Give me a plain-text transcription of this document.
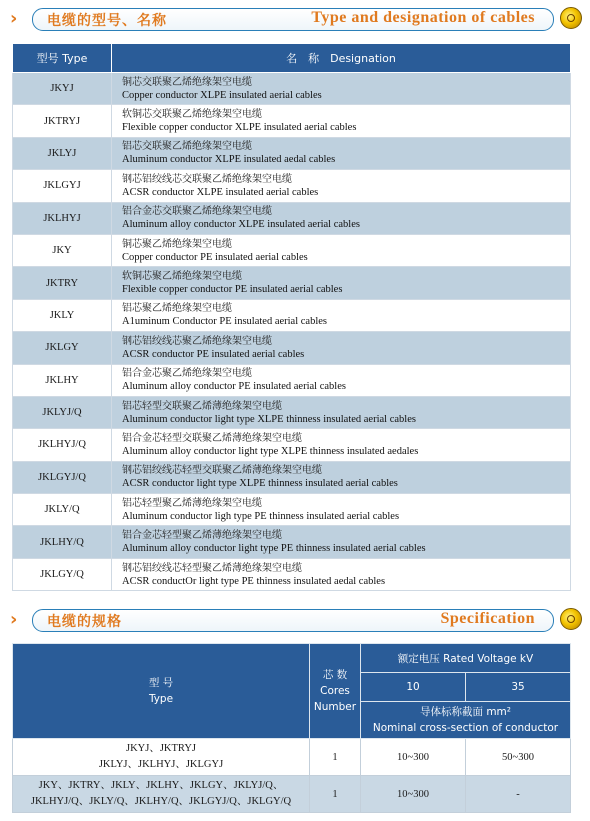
›	电缆的型号、名称	Type and designation of cables
型号 Type	名　称　Designation
JKYJ	铜芯交联聚乙烯绝缘架空电缆
Copper conductor XLPE insulated aerial cables

JKTRYJ	软铜芯交联聚乙烯绝缘架空电缆
Flexible copper conductor XLPE insulated aerial cables

JKLYJ	铝芯交联聚乙烯绝缘架空电缆
Aluminum conductor XLPE insulated aedal cables

JKLGYJ	钢芯铝绞线芯交联聚乙烯绝缘架空电缆
ACSR conductor XLPE insulated aerial cables

JKLHYJ	铝合金芯交联聚乙烯绝缘架空电缆
Aluminum alloy conductor XLPE insulated aerial cables

JKY	铜芯聚乙烯绝缘架空电缆
Copper conductor PE insulated aerial cables

JKTRY	软铜芯聚乙烯绝缘架空电缆
Flexible copper conductor PE insulated aerial cables

JKLY	铝芯聚乙烯绝缘架空电缆
A1uminum Conductor PE insulated aerial cables

JKLGY	钢芯铝绞线芯聚乙烯绝缘架空电缆
ACSR conductor PE insulated aerial cables

JKLHY	铝合金芯聚乙烯绝缘架空电缆
Aluminum alloy conductor PE insulated aerial cables

JKLYJ/Q	铝芯轻型交联聚乙烯薄绝缘架空电缆
Aluminum conductor light type XLPE thinness insulated aerial cables

JKLHYJ/Q	铝合金芯轻型交联聚乙烯薄绝缘架空电缆
Aluminum alloy conductor light type XLPE thinness insulated aedales

JKLGYJ/Q	钢芯铝绞线芯轻型交联聚乙烯薄绝缘架空电缆
ACSR conductor light type XLPE thinness insulated aerial cables

JKLY/Q	铝芯轻型聚乙烯薄绝缘架空电缆
Aluminum conductor ligh type PE thinness insulated aerial cables

JKLHY/Q	铝合金芯轻型聚乙烯薄绝缘架空电缆
Aluminum alloy conductor light type PE thinness insulated aerial cables

JKLGY/Q	钢芯铝绞线芯轻型聚乙烯薄绝缘架空电缆
ACSR conductOr light type PE thinness insulated aedal cables
›	电缆的规格	Specification
型 号
Type	芯 数
Cores
Number	额定电压 Rated Voltage kV	
		10	35

		导体标称截面 mm²
Nominal cross-section of conductor	

JKYJ、JKTRYJ
JKLYJ、JKLHYJ、JKLGYJ	1	10~300	50~300

JKY、JKTRY、JKLY、JKLHY、JKLGY、JKLYJ/Q、
JKLHYJ/Q、JKLY/Q、JKLHY/Q、JKLGYJ/Q、JKLGY/Q	1	10~300	-
